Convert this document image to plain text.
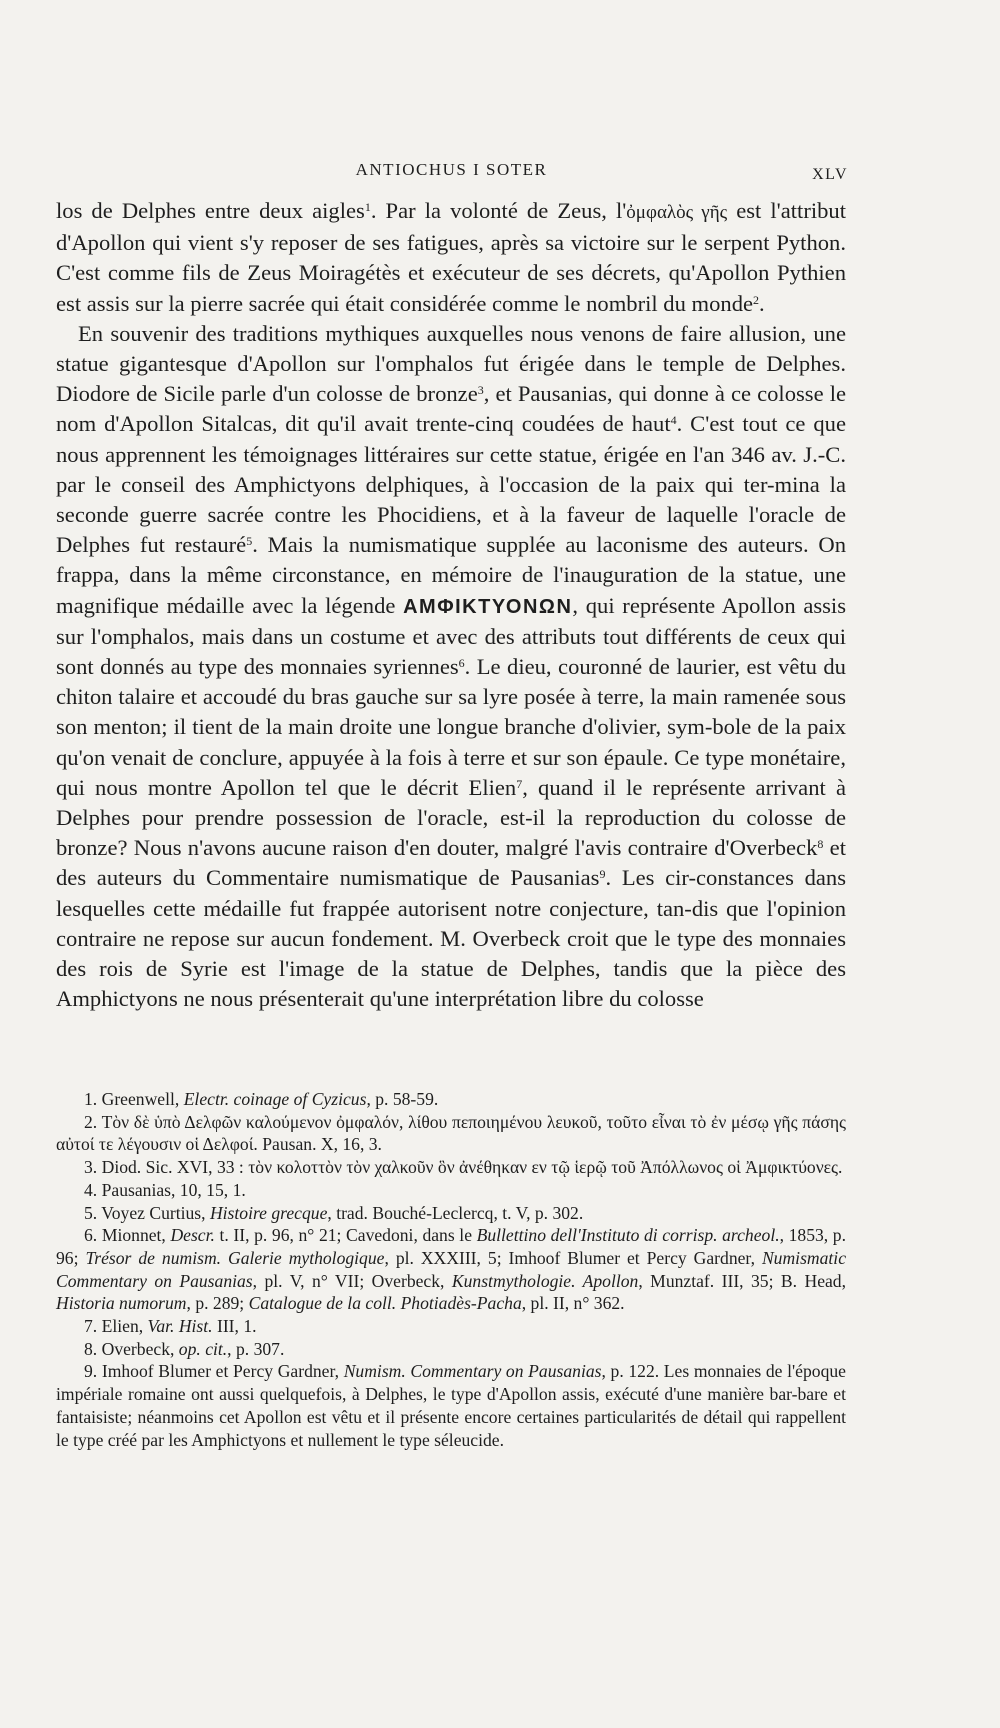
ANTIOCHUS I SOTER	XLV

los de Delphes entre deux aigles$^1$. Par la volonté de Zeus, l'ὀμφαλὸς γῆς est l'attribut d'Apollon qui vient s'y reposer de ses fatigues, après sa victoire sur le serpent Python. C'est comme fils de Zeus Moiragétès et exécuteur de ses décrets, qu'Apollon Pythien est assis sur la pierre sacrée qui était considérée comme le nombril du monde$^2$.

En souvenir des traditions mythiques auxquelles nous venons de faire allusion, une statue gigantesque d'Apollon sur l'omphalos fut érigée dans le temple de Delphes. Diodore de Sicile parle d'un colosse de bronze$^3$, et Pausanias, qui donne à ce colosse le nom d'Apollon Sitalcas, dit qu'il avait trente-cinq coudées de haut$^4$. C'est tout ce que nous apprennent les témoignages littéraires sur cette statue, érigée en l'an 346 av. J.-C. par le conseil des Amphictyons delphiques, à l'occasion de la paix qui ter-mina la seconde guerre sacrée contre les Phocidiens, et à la faveur de laquelle l'oracle de Delphes fut restauré$^5$. Mais la numismatique supplée au laconisme des auteurs. On frappa, dans la même circonstance, en mémoire de l'inauguration de la statue, une magnifique médaille avec la légende ΑΜΦΙΚΤΥΟΝΩΝ, qui représente Apollon assis sur l'omphalos, mais dans un costume et avec des attributs tout différents de ceux qui sont donnés au type des monnaies syriennes$^6$. Le dieu, couronné de laurier, est vêtu du chiton talaire et accoudé du bras gauche sur sa lyre posée à terre, la main ramenée sous son menton; il tient de la main droite une longue branche d'olivier, sym-bole de la paix qu'on venait de conclure, appuyée à la fois à terre et sur son épaule. Ce type monétaire, qui nous montre Apollon tel que le décrit Elien$^7$, quand il le représente arrivant à Delphes pour prendre possession de l'oracle, est-il la reproduction du colosse de bronze? Nous n'avons aucune raison d'en douter, malgré l'avis contraire d'Overbeck$^8$ et des auteurs du Commentaire numismatique de Pausanias$^9$. Les cir-constances dans lesquelles cette médaille fut frappée autorisent notre conjecture, tan-dis que l'opinion contraire ne repose sur aucun fondement. M. Overbeck croit que le type des monnaies des rois de Syrie est l'image de la statue de Delphes, tandis que la pièce des Amphictyons ne nous présenterait qu'une interprétation libre du colosse

1. Greenwell, Electr. coinage of Cyzicus, p. 58-59.

2. Τὸν δὲ ὑπὸ Δελφῶν καλούμενον ὀμφαλόν, λίθου πεποιημένου λευκοῦ, τοῦτο εἶναι τὸ ἐν μέσῳ γῆς πάσης αὐτοί τε λέγουσιν οἱ Δελφοί. Pausan. X, 16, 3.

3. Diod. Sic. XVI, 33 : τὸν κολοττὸν τὸν χαλκοῦν ὃν ἀνέθηκαν εν τῷ ἱερῷ τοῦ Ἀπόλλωνος οἱ Ἀμφικτύονες.

4. Pausanias, 10, 15, 1.

5. Voyez Curtius, Histoire grecque, trad. Bouché-Leclercq, t. V, p. 302.

6. Mionnet, Descr. t. II, p. 96, n° 21; Cavedoni, dans le Bullettino dell'Instituto di corrisp. archeol., 1853, p. 96; Trésor de numism. Galerie mythologique, pl. XXXIII, 5; Imhoof Blumer et Percy Gardner, Numismatic Commentary on Pausanias, pl. V, n° VII; Overbeck, Kunstmythologie. Apollon, Munztaf. III, 35; B. Head, Historia numorum, p. 289; Catalogue de la coll. Photiadès-Pacha, pl. II, n° 362.

7. Elien, Var. Hist. III, 1.

8. Overbeck, op. cit., p. 307.

9. Imhoof Blumer et Percy Gardner, Numism. Commentary on Pausanias, p. 122. Les monnaies de l'époque impériale romaine ont aussi quelquefois, à Delphes, le type d'Apollon assis, exécuté d'une manière bar-bare et fantaisiste; néanmoins cet Apollon est vêtu et il présente encore certaines particularités de détail qui rappellent le type créé par les Amphictyons et nullement le type séleucide.
